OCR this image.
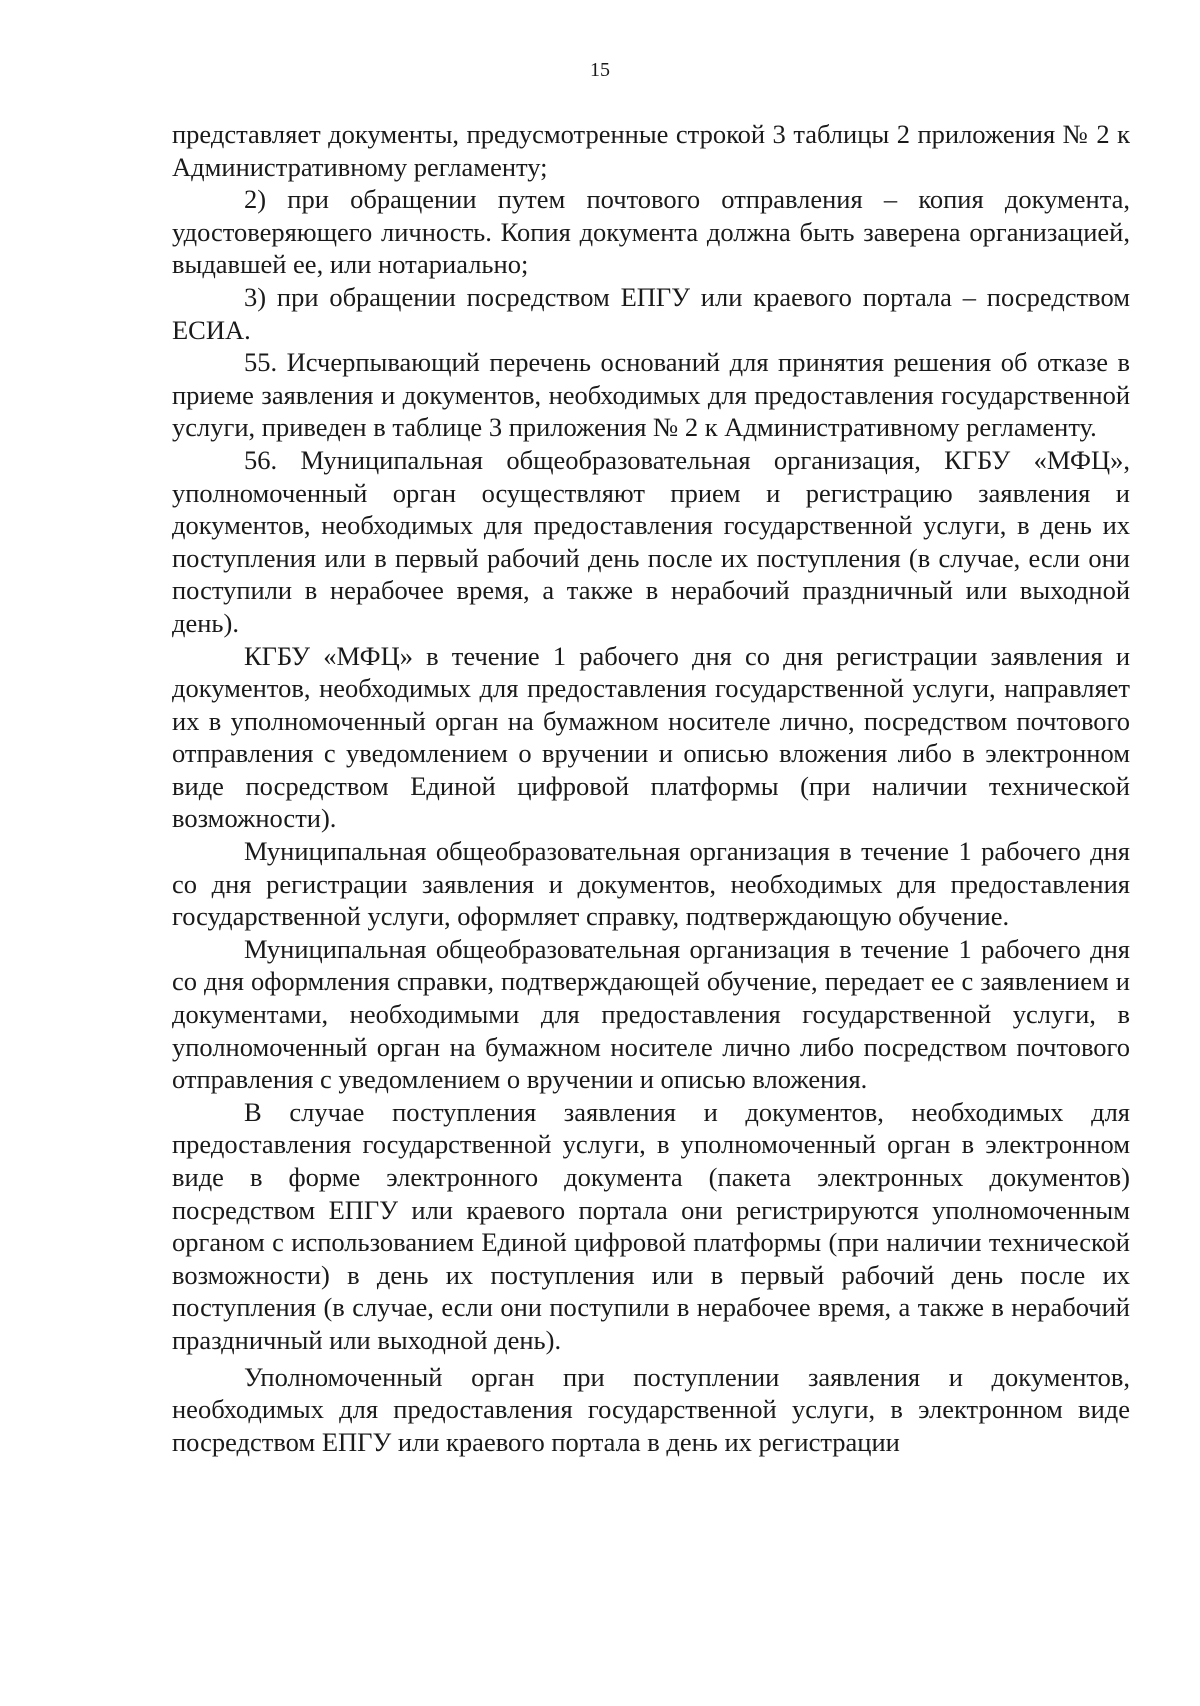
15

представляет документы, предусмотренные строкой 3 таблицы 2 приложения № 2 к Административному регламенту;

2) при обращении путем почтового отправления – копия документа, удостоверяющего личность. Копия документа должна быть заверена организацией, выдавшей ее, или нотариально;

3) при обращении посредством ЕПГУ или краевого портала – посредством ЕСИА.

55. Исчерпывающий перечень оснований для принятия решения об отказе в приеме заявления и документов, необходимых для предоставления государственной услуги, приведен в таблице 3 приложения № 2 к Административному регламенту.

56. Муниципальная общеобразовательная организация, КГБУ «МФЦ», уполномоченный орган осуществляют прием и регистрацию заявления и документов, необходимых для предоставления государственной услуги, в день их поступления или в первый рабочий день после их поступления (в случае, если они поступили в нерабочее время, а также в нерабочий праздничный или выходной день).

КГБУ «МФЦ» в течение 1 рабочего дня со дня регистрации заявления и документов, необходимых для предоставления государственной услуги, направляет их в уполномоченный орган на бумажном носителе лично, посредством почтового отправления с уведомлением о вручении и описью вложения либо в электронном виде посредством Единой цифровой платформы (при наличии технической возможности).

Муниципальная общеобразовательная организация в течение 1 рабочего дня со дня регистрации заявления и документов, необходимых для предоставления государственной услуги, оформляет справку, подтверждающую обучение.

Муниципальная общеобразовательная организация в течение 1 рабочего дня со дня оформления справки, подтверждающей обучение, передает ее с заявлением и документами, необходимыми для предоставления государственной услуги, в уполномоченный орган на бумажном носителе лично либо посредством почтового отправления с уведомлением о вручении и описью вложения.

В случае поступления заявления и документов, необходимых для предоставления государственной услуги, в уполномоченный орган в электронном виде в форме электронного документа (пакета электронных документов) посредством ЕПГУ или краевого портала они регистрируются уполномоченным органом с использованием Единой цифровой платформы (при наличии технической возможности) в день их поступления или в первый рабочий день после их поступления (в случае, если они поступили в нерабочее время, а также в нерабочий праздничный или выходной день).

Уполномоченный орган при поступлении заявления и документов, необходимых для предоставления государственной услуги, в электронном виде посредством ЕПГУ или краевого портала в день их регистрации
